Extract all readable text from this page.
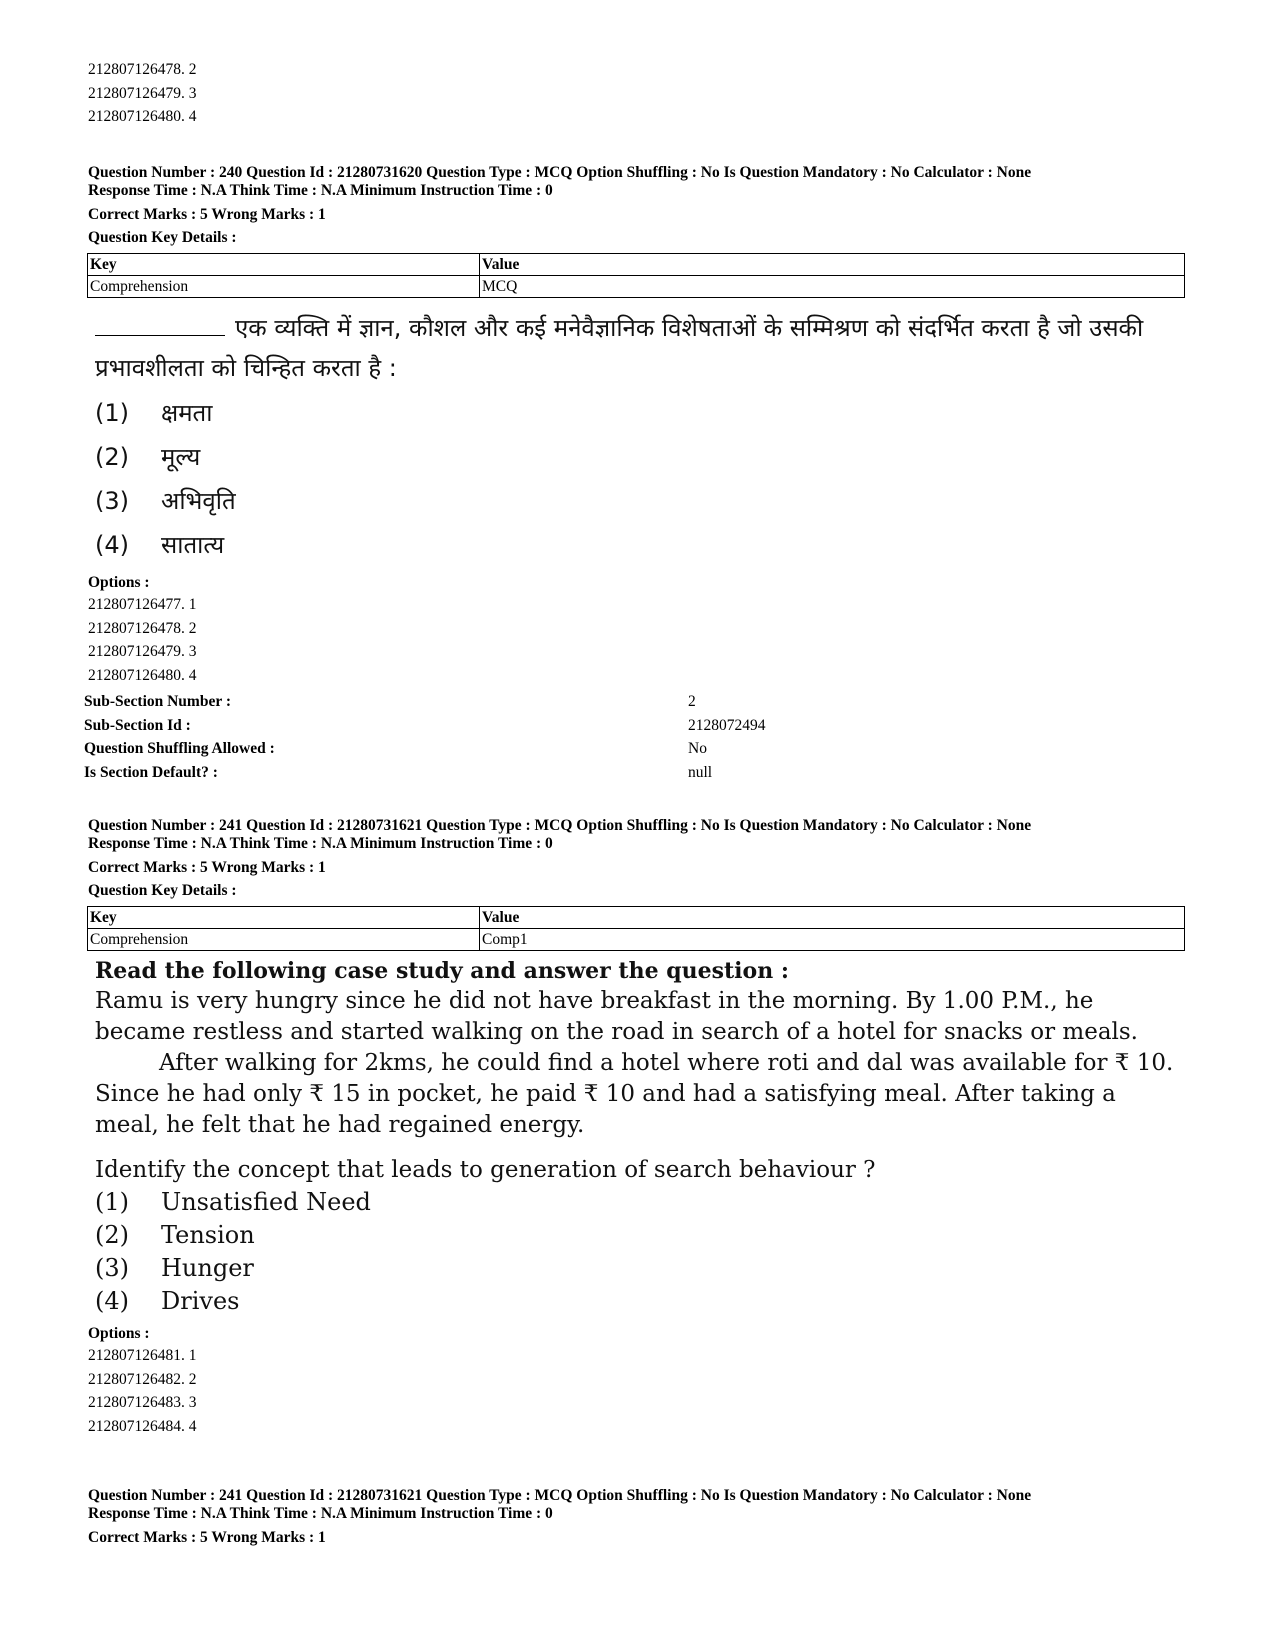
212807126478. 2
212807126479. 3
212807126480. 4
Question Number : 240 Question Id : 21280731620 Question Type : MCQ Option Shuffling : No Is Question Mandatory : No Calculator : None
Response Time : N.A Think Time : N.A Minimum Instruction Time : 0
Correct Marks : 5 Wrong Marks : 1
Question Key Details :
Key	Value
Comprehension	MCQ
एक व्यक्ति में ज्ञान, कौशल और कई मनेवैज्ञानिक विशेषताओं के सम्मिश्रण को संदर्भित करता है जो उसकी प्रभावशीलता को चिन्हित करता है :
(1) क्षमता
(2) मूल्य
(3) अभिवृति
(4) सातात्य
Options :
212807126477. 1
212807126478. 2
212807126479. 3
212807126480. 4
Sub-Section Number :	2
Sub-Section Id :	2128072494
Question Shuffling Allowed :	No
Is Section Default? :	null
Question Number : 241 Question Id : 21280731621 Question Type : MCQ Option Shuffling : No Is Question Mandatory : No Calculator : None
Response Time : N.A Think Time : N.A Minimum Instruction Time : 0
Correct Marks : 5 Wrong Marks : 1
Question Key Details :
Key	Value
Comprehension	Comp1
Read the following case study and answer the question :
Ramu is very hungry since he did not have breakfast in the morning. By 1.00 P.M., he became restless and started walking on the road in search of a hotel for snacks or meals.
After walking for 2kms, he could find a hotel where roti and dal was available for ₹ 10. Since he had only ₹ 15 in pocket, he paid ₹ 10 and had a satisfying meal. After taking a meal, he felt that he had regained energy.
Identify the concept that leads to generation of search behaviour ?
(1) Unsatisfied Need
(2) Tension
(3) Hunger
(4) Drives
Options :
212807126481. 1
212807126482. 2
212807126483. 3
212807126484. 4
Question Number : 241 Question Id : 21280731621 Question Type : MCQ Option Shuffling : No Is Question Mandatory : No Calculator : None
Response Time : N.A Think Time : N.A Minimum Instruction Time : 0
Correct Marks : 5 Wrong Marks : 1
